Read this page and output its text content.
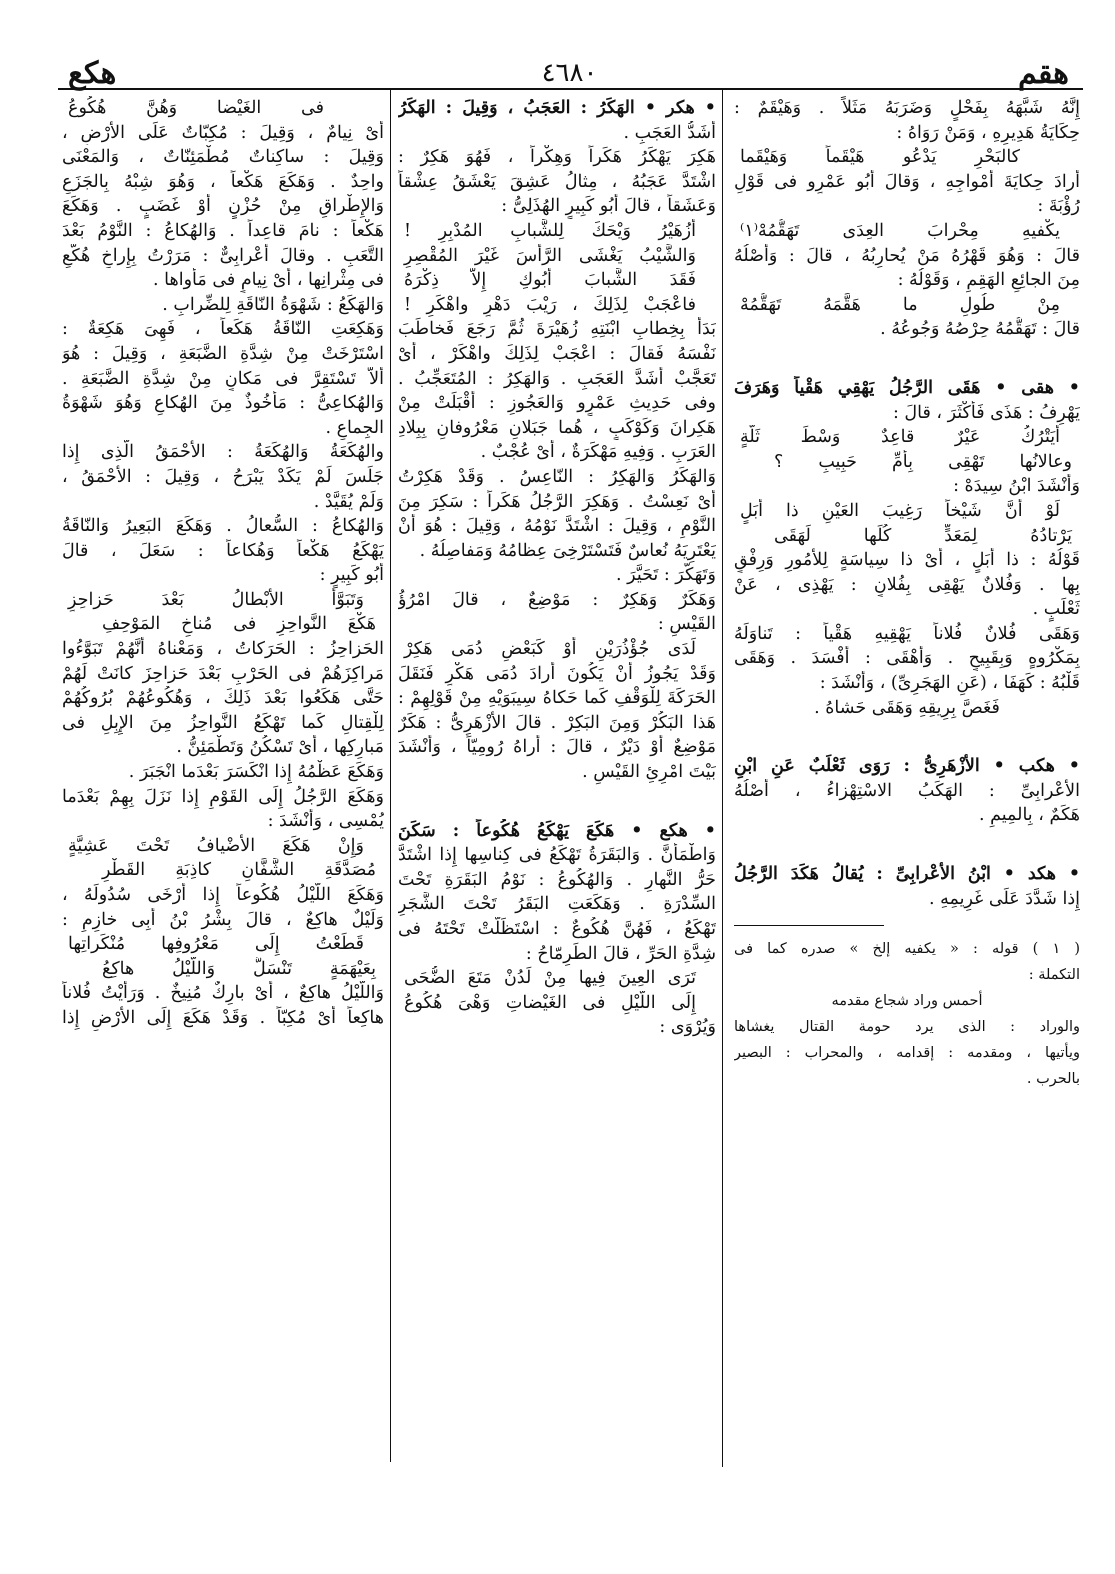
هقم
٤٦٨٠
هكع
إِنَّهُ شَبَّهَهُ بِفَحْلٍ وَضَرَبَهُ مَثَلاً . وَهَيْقَمٌ :
حِكَايَةُ هَدِيرِهِ ، وَمَنْ رَوَاهُ :
كالبَحْرِ يَدْعُو هَيْقَماً وَهَيْقَما
أَرادَ حِكايَةَ أَمْواجِهِ ، وَقالَ أَبُو عَمْرٍو فى قَوْلِ
رُؤْبَةَ :
يكْفيهِ مِحْرابَ العِدَى تَهَقُّمُهْ⁽١⁾
قالَ : وَهُوَ قَهْرُهُ مَنْ يُحارِبُهُ ، قالَ : وَأَصْلُهُ
مِنَ الجائِعِ الهَقِمِ ، وَقَوْلُهُ :
مِنْ طُولِ ما هَقَّمَهُ تَهَقُّمُهْ
قالَ : تَهَقُّمُهُ حِرْصُهُ وَجُوعُهُ .
• هقى • هَقَى الرَّجُلُ يَهْقِي هَقْياً وَهَرَفَ
يَهْرِفُ : هَذَى فَأَكْثَرَ ، قالَ :
أَيَتْرُكُ عَيْرٌ قاعِدٌ وَسْطَ ثَلَّةٍ
وعالانُها تَهْقِى بِأُمِّ حَبِيبِ ؟
وَأَنْشَدَ ابْنُ سِيدَهْ :
لَوْ أَنَّ شَيْخاً رَغِيبَ العَيْنِ ذا أَبَلٍ
يَرْتادُهُ لِمَعَدٍّ كُلِّها لَهَقَى
قَوْلُهُ : ذا أَبَلٍ ، أَىْ ذا سِياسَةٍ لِلأُمُورِ وَرِفْقٍ
بِها . وَفُلانٌ يَهْقِى بِفُلانٍ : يَهْذِى ، عَنْ
ثَعْلَبٍ .
وَهَقَى فُلانٌ فُلاناً يَهْقِيهِ هَقْياً : تَناوَلَهُ
بِمَكْرُوهٍ وَبِقَبِيحٍ . وَأَهْقَى : أَفْسَدَ . وَهَقَى
قَلْبُهُ : كَهَفَا ، (عَنِ الهَجَرِىِّ) ، وَأَنْشَدَ :
فَغَصَّ بِرِيقِهِ وَهَقَى حَشاهُ .
• هكب • الأَزْهَرِىُّ : رَوَى ثَعْلَبٌ عَنِ ابْنِ
الأَعْرابِىِّ : الهَكَبُ الاسْتِهْزاءُ ، أَصْلُهُ
هَكَمٌ ، بِالمِيمِ .
• هكد • ابْنُ الأَعْرابِىِّ : يُقالُ هَكَدَ الرَّجُلُ
إِذا شَدَّدَ عَلَى غَرِيمِهِ .
( ١ ) قوله : « يكفيه إلخ » صدره كما فى
التكملة :
أحمس وراد شجاع مقدمه
والوراد : الذى يرد حومة القتال يغشاها
ويأتيها ، ومقدمه : إقدامه ، والمحراب : البصير
بالحرب .
• هكر • الهَكَرُ : العَجَبُ ، وَقِيلَ : الهَكَرُ
أَشَدُّ العَجَبِ .
هَكِرَ يَهْكَرُ هَكَراً وَهِكْراً ، فَهُوَ هَكِرٌ :
اشْتَدَّ عَجَبُهُ ، مِثالُ عَشِقَ يَعْشَقُ عِشْقاً
وَعَشَقاً ، قالَ أَبُو كَبِيرٍ الهُذَلِىُّ :
أَزُهَيْرُ وَيْحَكَ لِلشَّبابِ المُدْبِرِ !
وَالشَّيْبُ يَغْشَى الرَّأْسَ غَيْرَ المُقْصِرِ
فَقَدَ الشَّبابَ أَبُوكِ إِلاَّ ذِكْرَهُ
فاعْجَبْ لِذَلِكَ ، رَيْبَ دَهْرٍ واهْكَرِ !
بَدَأَ بِخِطابِ ابْنَتِهِ زُهَيْرَةَ ثُمَّ رَجَعَ فَخاطَبَ
نَفْسَهُ فَقالَ : اعْجَبْ لِذَلِكَ واهْكَرْ ، أَىْ
تَعَجَّبْ أَشَدَّ العَجَبِ . وَالهَكِرُ : المُتَعَجِّبُ .
وفى حَدِيثِ عَمْرٍو وَالعَجُوزِ : أَقْبَلَتْ مِنْ
هَكِرانَ وَكَوْكَبٍ ، هُما جَبَلانِ مَعْرُوفانِ بِبِلادِ
العَرَبِ . وَفِيهِ مَهْكَرَةٌ ، أَىْ عُجْبٌ .
وَالهَكَرُ وَالهَكِرُ : النّاعِسُ . وَقَدْ هَكِرْتُ
أَىْ نَعِسْتُ . وَهَكِرَ الرَّجُلُ هَكَراً : سَكِرَ مِنَ
النَّوْمِ ، وَقِيلَ : اشْتَدَّ نَوْمُهُ ، وَقِيلَ : هُوَ أَنْ
يَعْتَرِيَهُ نُعاسٌ فَتَسْتَرْخِىَ عِظامُهُ وَمَفاصِلُهُ .
وَتَهَكَّرَ : تَحَيَّرَ .
وَهَكَرٌ وَهَكِرٌ : مَوْضِعٌ ، قالَ امْرُؤُ
القَيْسِ :
لَدَى جُؤْذُرَيْنِ أَوْ كَبَعْضِ دُمَى هَكِرْ
وَقَدْ يَجُوزُ أَنْ يَكُونَ أَرادَ دُمَى هَكْرٍ فَنَقَلَ
الحَرَكَةَ لِلْوَقْفِ كَما حَكاهُ سِيبَوَيْهِ مِنْ قَوْلِهِمْ :
هَذا البَكُرْ وَمِنَ البَكِرْ . قالَ الأَزْهَرِىُّ : هَكَرٌ
مَوْضِعٌ أَوْ دَيْرٌ ، قالَ : أُراهُ رُومِيّاً ، وَأَنْشَدَ
بَيْتَ امْرِئِ القَيْسِ .
• هكع • هَكَعَ يَهْكَعُ هُكُوعاً : سَكَنَ
وَاطْمَأَنَّ . وَالبَقَرَةُ تَهْكَعُ فى كِناسِها إِذا اشْتَدَّ
حَرُّ النَّهارِ . وَالهُكُوعُ : نَوْمُ البَقَرَةِ تَحْتَ
السِّدْرَةِ . وَهَكَعَتِ البَقَرُ تَحْتَ الشَّجَرِ
تَهْكَعُ ، فَهُنَّ هُكُوعٌ : اسْتَظَلَّتْ تَحْتَهُ فى
شِدَّةِ الحَرِّ ، قالَ الطِّرِمّاحُ :
تَرَى العِينَ فِيها مِنْ لَدُنْ مَتَعَ الضُّحَى
إِلَى اللَّيْلِ فى الغَيْضاتِ وَهْىَ هُكُوعُ
وَيُرْوَى :
فى الغَيْضا وَهُنَّ هُكُوعُ
أَىْ نِيامٌ ، وَقِيلَ : مُكِبّاتٌ عَلَى الأَرْضِ ،
وَقِيلَ : ساكِناتٌ مُطْمَئِنّاتٌ ، وَالمَعْنَى
واحِدٌ . وَهَكَعَ هَكْعاً ، وَهُوَ شِبْهُ بِالجَزَعِ
وَالإِطْراقِ مِنْ حُزْنٍ أَوْ غَضَبٍ . وَهَكَعَ
هَكْعاً : نامَ قاعِداً . وَالهُكاعُ : النَّوْمُ بَعْدَ
التَّعَبِ . وقالَ أَعْرابِىٌّ : مَرَرْتُ بِإِراخٍ هُكَّعٍ
فى مِثْرانِها ، أَىْ نِيامٍ فى مَأْواها .
وَالهَكَعُ : شَهْوَةُ النّاقَةِ لِلضِّرابِ .
وَهَكِعَتِ النّاقَةُ هَكَعاً ، فَهِىَ هَكِعَةٌ :
اسْتَرْخَتْ مِنْ شِدَّةِ الضَّبَعَةِ ، وَقِيلَ : هُوَ
أَلاَّ تَسْتَقِرَّ فى مَكانٍ مِنْ شِدَّةِ الضَّبَعَةِ .
وَالهُكاعِىُّ : مَأْخُوذٌ مِنَ الهُكاعِ وَهُوَ شَهْوَةُ
الجِماعِ .
والهُكَعَةُ وَالهُكَعَةُ : الأَحْمَقُ الَّذِى إِذا
جَلَسَ لَمْ يَكَدْ يَبْرَحُ ، وَقِيلَ : الأَحْمَقُ ،
وَلَمْ يُقَيَّدْ .
وَالهُكاعُ : السُّعالُ . وَهَكَعَ البَعِيرُ وَالنّاقَةُ
يَهْكَعُ هَكْعاً وَهُكاعاً : سَعَلَ ، قالَ
أَبُو كَبِيرٍ :
وَتَبَوَّأَ الأَبْطالُ بَعْدَ حَزاحِزٍ
هَكْعَ النَّواحِزِ فى مُناخِ المَوْحِفِ
الحَزاحِزُ : الحَرَكاتُ ، وَمَعْناهُ أَنَّهُمْ تَبَوَّءُوا
مَراكِزَهُمْ فى الحَرْبِ بَعْدَ حَزاحِزَ كانَتْ لَهُمْ
حَتَّى هَكَعُوا بَعْدَ ذَلِكَ ، وَهُكُوعُهُمْ بُرُوكُهُمْ
لِلْقِتالِ كَما تَهْكَعُ النَّواحِزُ مِنَ الإِبِلِ فى
مَبارِكِها ، أَىْ تَسْكُنُ وَتَطْمَئِنُّ .
وَهَكَعَ عَظْمُهُ إِذا انْكَسَرَ بَعْدَما انْجَبَرَ .
وَهَكَعَ الرَّجُلُ إِلَى القَوْمِ إِذا نَزَلَ بِهِمْ بَعْدَما
يُمْسِى ، وَأَنْشَدَ :
وَإِنْ هَكَعَ الأَضْيافُ تَحْتَ عَشِيَّةٍ
مُصَدَّقَةِ الشَّفَّانِ كاذِبَةِ القَطْرِ
وَهَكَعَ اللَّيْلُ هُكُوعاً إِذا أَرْخَى سُدُولَهُ ،
وَلَيْلٌ هاكِعٌ ، قالَ بِشْرُ بْنُ أَبِى خازِمٍ :
قَطَعْتُ إِلَى مَعْرُوفِها مُنْكَراتِها
بِعَيْهَمَةٍ تَنْسَلُّ وَاللَّيْلُ هاكِعُ
وَاللَّيْلُ هاكِعٌ ، أَىْ بارِكٌ مُنِيخٌ . وَرَأَيْتُ فُلاناً
هاكِعاً أَىْ مُكِبّاً . وَقَدْ هَكَعَ إِلَى الأَرْضِ إِذا
